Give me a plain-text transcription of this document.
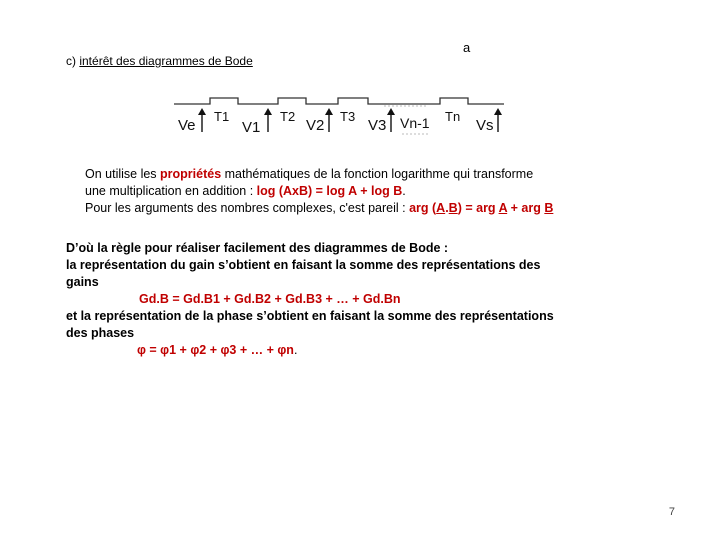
c) intérêt des diagrammes de Bode
a
Ve
T1
V1
T2
V2
T3
V3 Vn-1 Tn
Vs
On utilise les propriétés mathématiques de la fonction logarithme qui transforme
une multiplication en addition : log (AxB) = log A + log B.
Pour les arguments des nombres complexes, c'est pareil : arg (A.B) = arg A + arg B
D’où la règle pour réaliser facilement des diagrammes de Bode :
la représentation du gain s’obtient en faisant la somme des représentations des
gains
Gd.B = Gd.B1 + Gd.B2 + Gd.B3 + … + Gd.Bn
et la représentation de la phase s’obtient en faisant la somme des représentations
des phases
φ = φ1 + φ2 + φ3 + … + φn.
7
